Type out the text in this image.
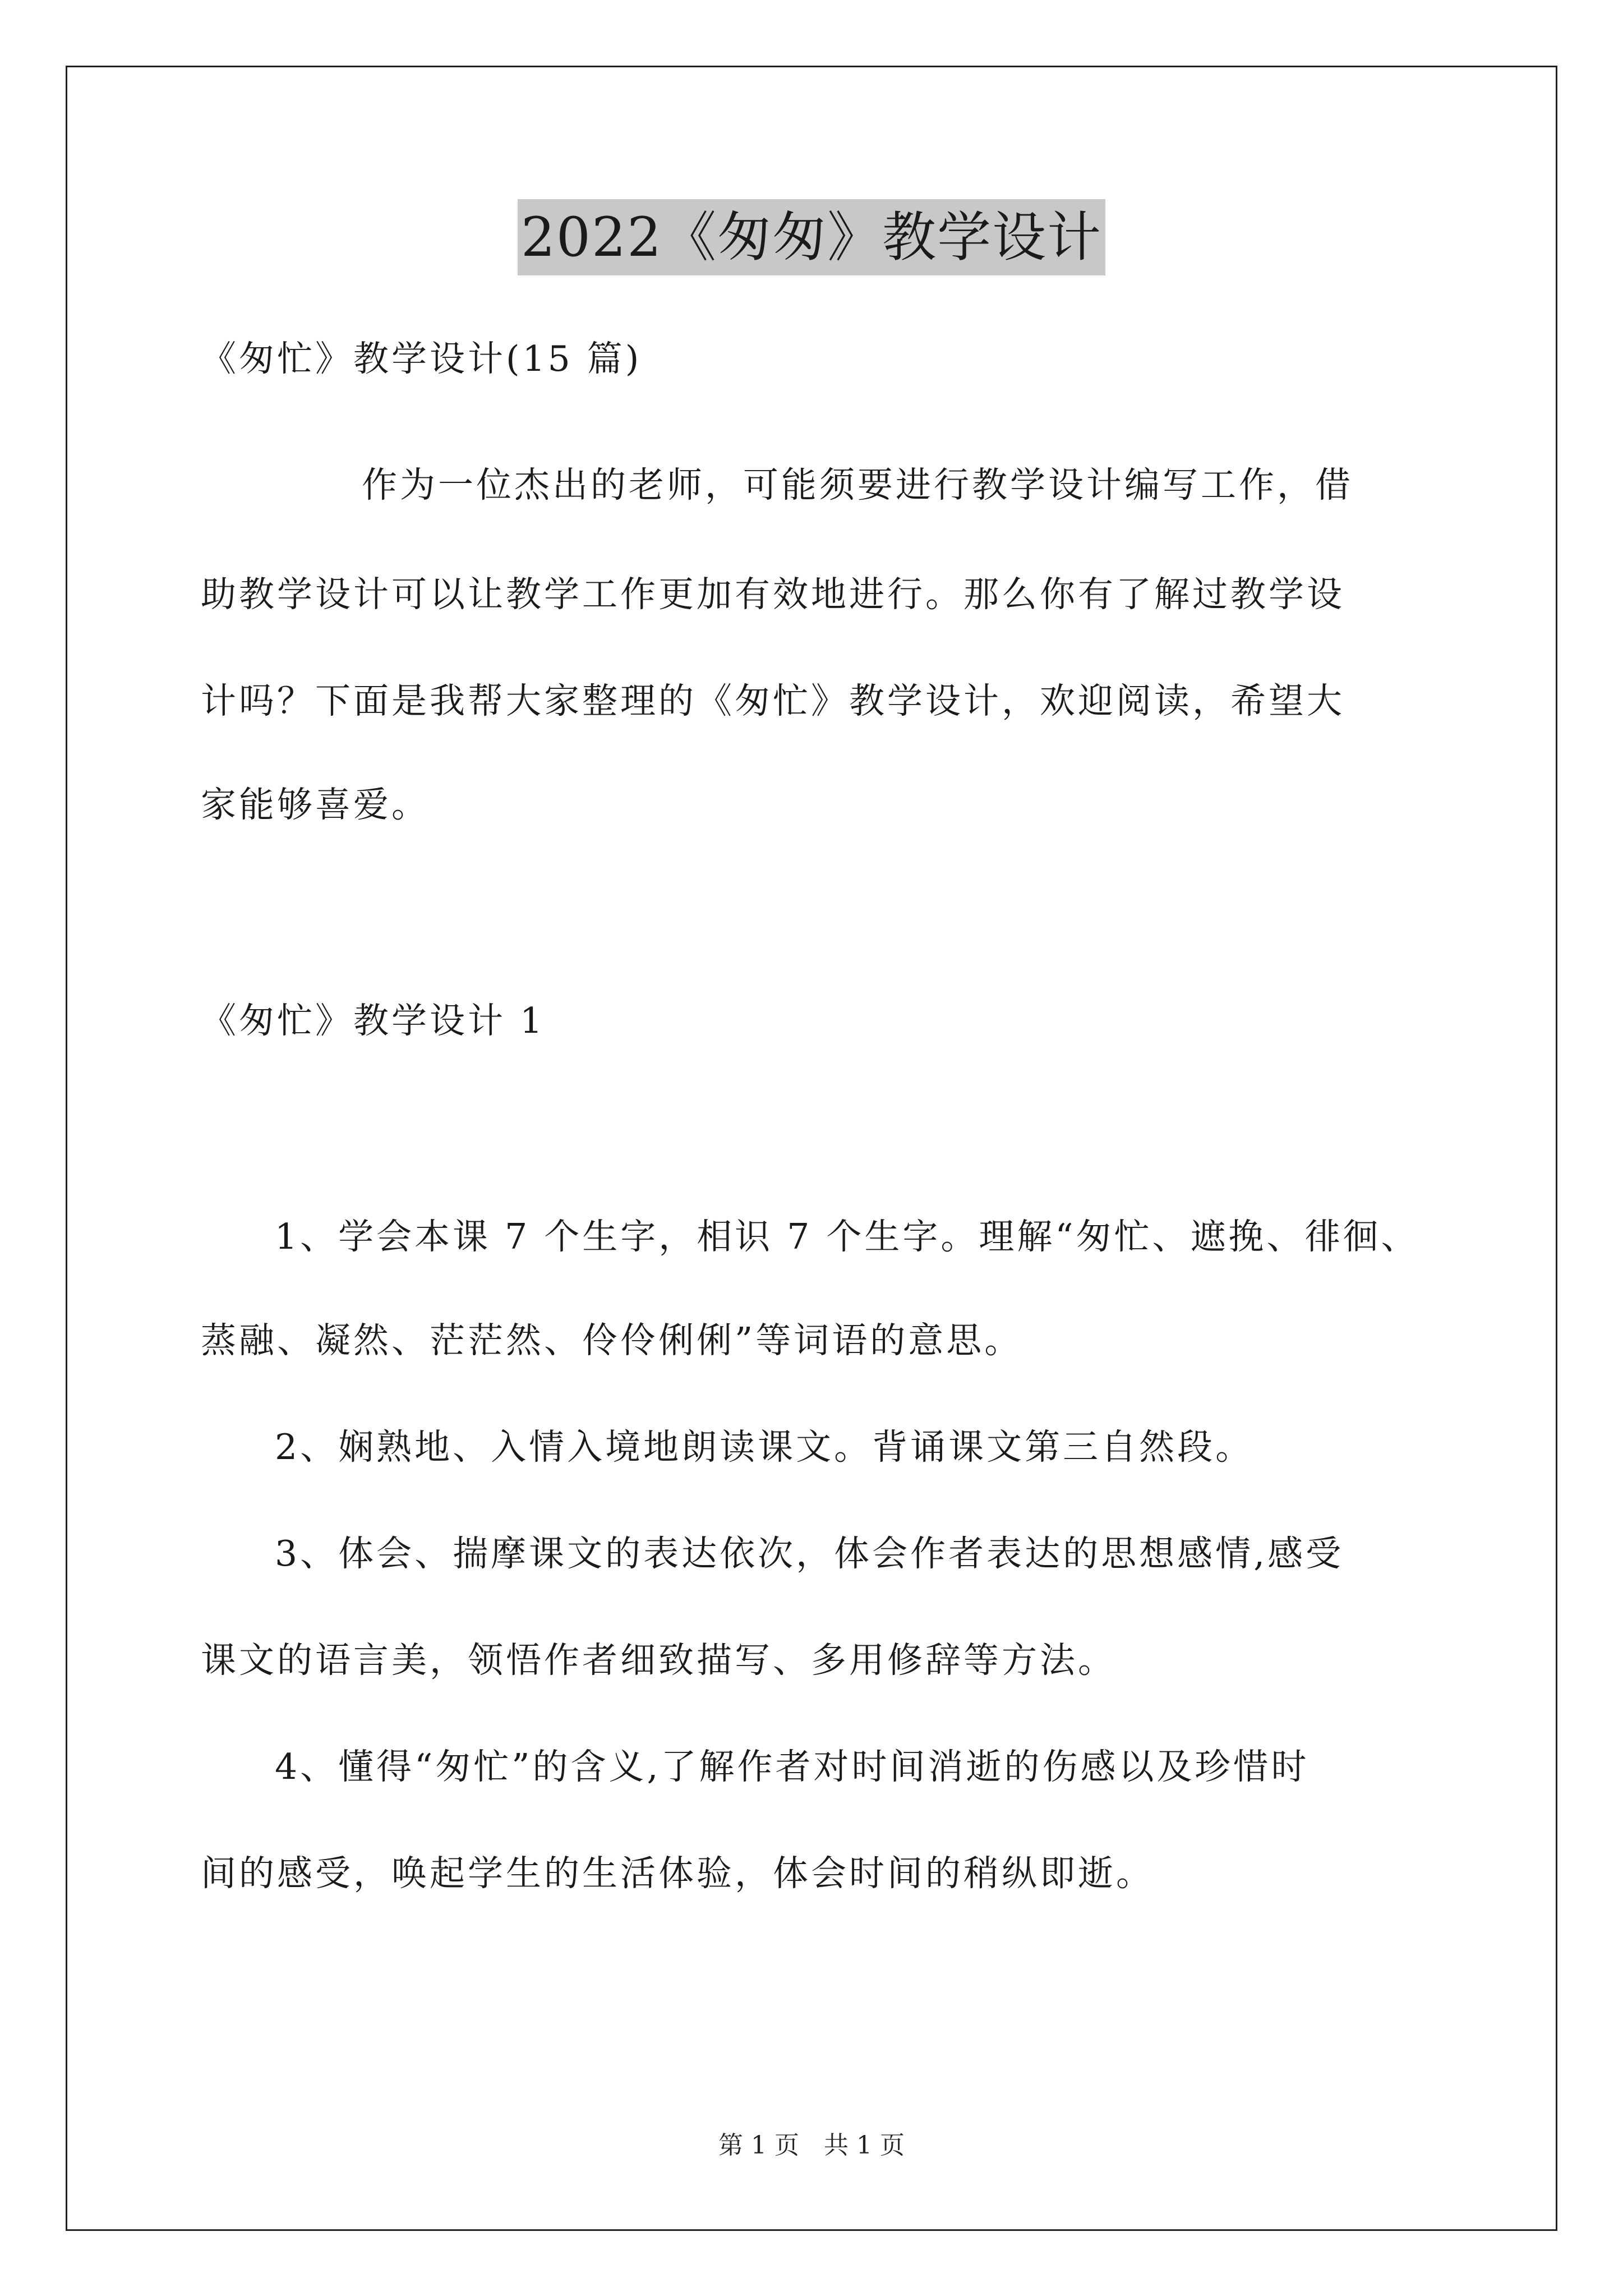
2022《匆匆》教学设计
《匆忙》教学设计(15 篇)
作为一位杰出的老师，可能须要进行教学设计编写工作，借
助教学设计可以让教学工作更加有效地进行。那么你有了解过教学设
计吗？下面是我帮大家整理的《匆忙》教学设计，欢迎阅读，希望大
家能够喜爱。
《匆忙》教学设计 1
1、学会本课 7 个生字，相识 7 个生字。理解“匆忙、遮挽、徘徊、
蒸融、凝然、茫茫然、伶伶俐俐”等词语的意思。
2、娴熟地、入情入境地朗读课文。背诵课文第三自然段。
3、体会、揣摩课文的表达依次，体会作者表达的思想感情,感受
课文的语言美，领悟作者细致描写、多用修辞等方法。
4、懂得“匆忙”的含义,了解作者对时间消逝的伤感以及珍惜时
间的感受，唤起学生的生活体验，体会时间的稍纵即逝。
第 1 页　共 1 页
